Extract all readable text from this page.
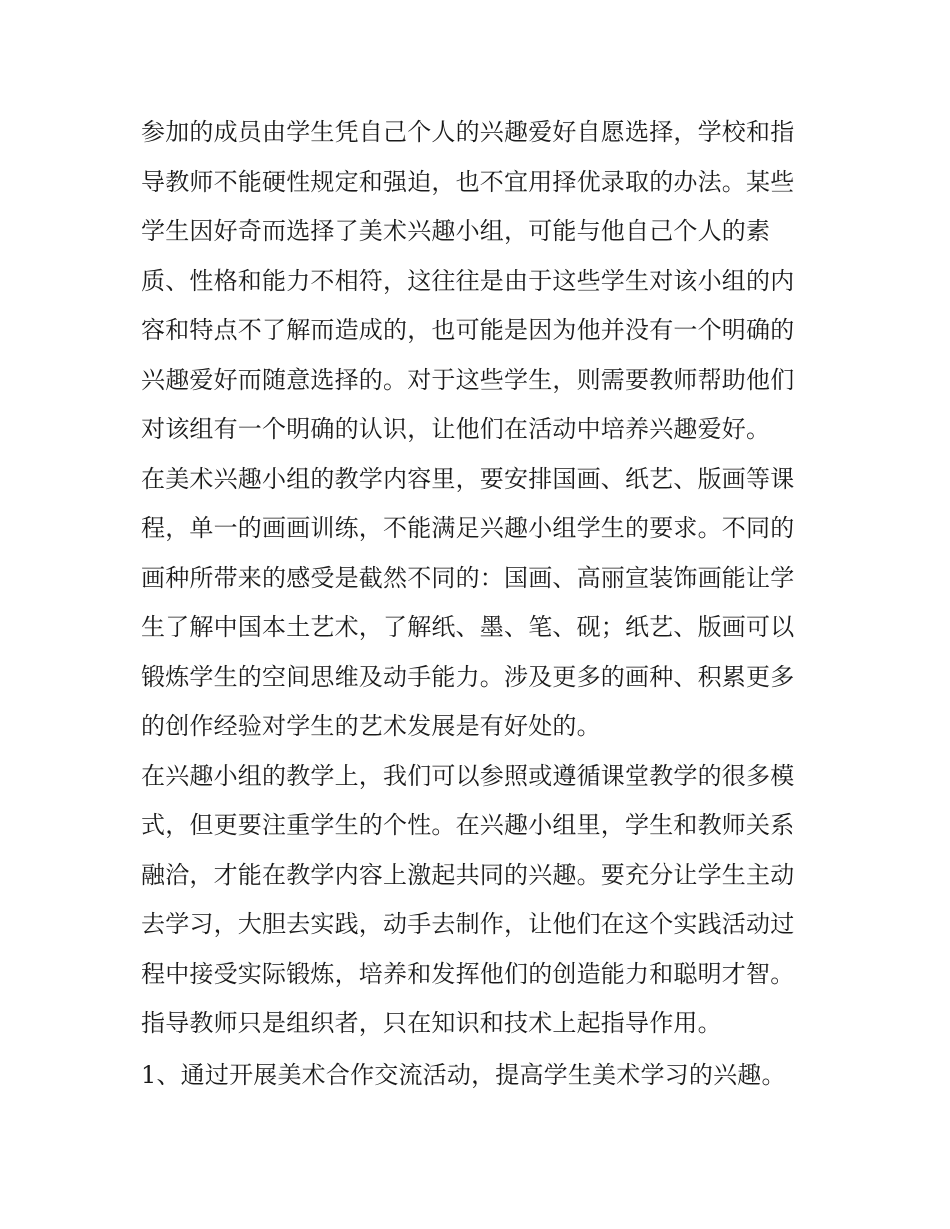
参加的成员由学生凭自己个人的兴趣爱好自愿选择，学校和指
导教师不能硬性规定和强迫，也不宜用择优录取的办法。某些
学生因好奇而选择了美术兴趣小组，可能与他自己个人的素
质、性格和能力不相符，这往往是由于这些学生对该小组的内
容和特点不了解而造成的，也可能是因为他并没有一个明确的
兴趣爱好而随意选择的。对于这些学生，则需要教师帮助他们
对该组有一个明确的认识，让他们在活动中培养兴趣爱好。
在美术兴趣小组的教学内容里，要安排国画、纸艺、版画等课
程，单一的画画训练，不能满足兴趣小组学生的要求。不同的
画种所带来的感受是截然不同的：国画、高丽宣装饰画能让学
生了解中国本土艺术，了解纸、墨、笔、砚；纸艺、版画可以
锻炼学生的空间思维及动手能力。涉及更多的画种、积累更多
的创作经验对学生的艺术发展是有好处的。
在兴趣小组的教学上，我们可以参照或遵循课堂教学的很多模
式，但更要注重学生的个性。在兴趣小组里，学生和教师关系
融洽，才能在教学内容上激起共同的兴趣。要充分让学生主动
去学习，大胆去实践，动手去制作，让他们在这个实践活动过
程中接受实际锻炼，培养和发挥他们的创造能力和聪明才智。
指导教师只是组织者，只在知识和技术上起指导作用。
1、通过开展美术合作交流活动，提高学生美术学习的兴趣。
